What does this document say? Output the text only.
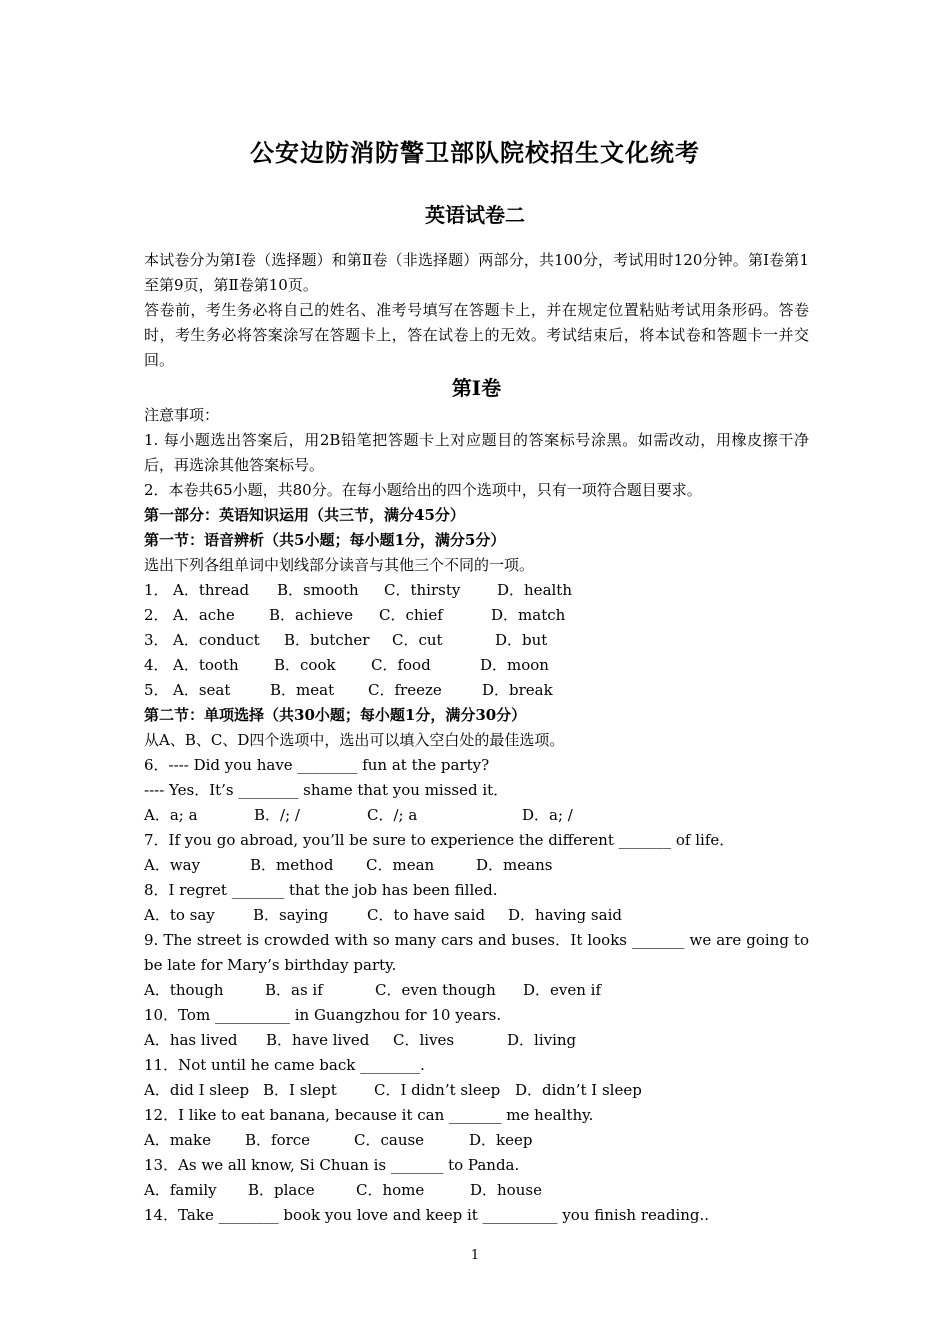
公安边防消防警卫部队院校招生文化统考
英语试卷二

本试卷分为第Ⅰ卷（选择题）和第Ⅱ卷（非选择题）两部分，共100分，考试用时120分钟。第Ⅰ卷第1至第9页，第Ⅱ卷第10页。

答卷前，考生务必将自己的姓名、准考号填写在答题卡上，并在规定位置粘贴考试用条形码。答卷时，考生务必将答案涂写在答题卡上，答在试卷上的无效。考试结束后，将本试卷和答题卡一并交回。

第Ⅰ卷

注意事项：

1. 每小题选出答案后，用2B铅笔把答题卡上对应题目的答案标号涂黑。如需改动，用橡皮擦干净后，再选涂其他答案标号。

2．本卷共65小题，共80分。在每小题给出的四个选项中，只有一项符合题目要求。

第一部分：英语知识运用（共三节，满分45分）

第一节：语音辨析（共5小题；每小题1分，满分5分）

选出下列各组单词中划线部分读音与其他三个不同的一项。

1． A．thread	B．smooth	C．thirsty	D．health
2． A．ache	B．achieve	C．chief	D．match
3． A．conduct	B．butcher	C．cut	D．but
4． A．tooth	B．cook	C．food	D．moon
5． A．seat	B．meat	C．freeze	D．break

第二节：单项选择（共30小题；每小题1分，满分30分）

从A、B、C、D四个选项中，选出可以填入空白处的最佳选项。

6．---- Did you have ________ fun at the party?

---- Yes．It’s ________ shame that you missed it．

A．a; a	B．/; /	C．/; a	D．a; /

7．If you go abroad, you’ll be sure to experience the different _______ of life．

A．way	B．method	C．mean	D．means

8．I regret _______ that the job has been filled.

A．to say	B．saying	C．to have said	D．having said

9. The street is crowded with so many cars and buses．It looks _______ we are going to be late for Mary’s birthday party.

A．though	B．as if	C．even though	D．even if

10．Tom __________ in Guangzhou for 10 years.

A．has lived	B．have lived	C．lives	D．living

11．Not until he came back ________.

A．did I sleep B．I slept	C．I didn’t sleep D．didn’t I sleep

12．I like to eat banana, because it can _______ me healthy.

A．make	B．force	C．cause	D．keep

13．As we all know, Si Chuan is _______ to Panda.

A．family	B．place	C．home	D．house

14．Take ________ book you love and keep it __________ you finish reading..

1
